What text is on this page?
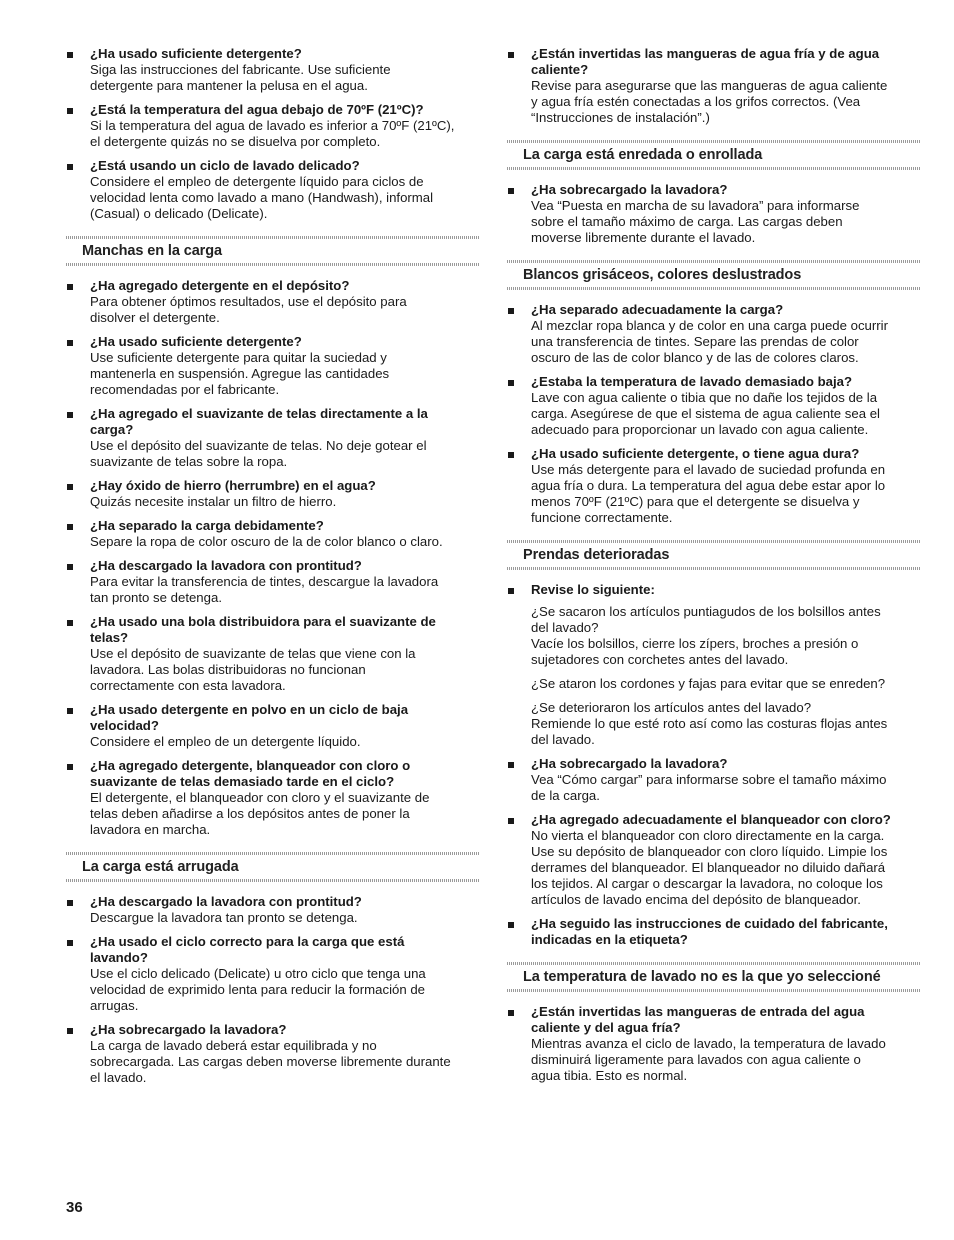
¿Ha usado suficiente detergente?
Siga las instrucciones del fabricante. Use suficiente
detergente para mantener la pelusa en el agua.
¿Está la temperatura del agua debajo de 70ºF (21ºC)?
Si la temperatura del agua de lavado es inferior a 70ºF (21ºC),
el detergente quizás no se disuelva por completo.
¿Está usando un ciclo de lavado delicado?
Considere el empleo de detergente líquido para ciclos de
velocidad lenta como lavado a mano (Handwash), informal
(Casual) o delicado (Delicate).
Manchas en la carga
¿Ha agregado detergente en el depósito?
Para obtener óptimos resultados, use el depósito para
disolver el detergente.
¿Ha usado suficiente detergente?
Use suficiente detergente para quitar la suciedad y
mantenerla en suspensión. Agregue las cantidades
recomendadas por el fabricante.
¿Ha agregado el suavizante de telas directamente a la
carga?
Use el depósito del suavizante de telas. No deje gotear el
suavizante de telas sobre la ropa.
¿Hay óxido de hierro (herrumbre) en el agua?
Quizás necesite instalar un filtro de hierro.
¿Ha separado la carga debidamente?
Separe la ropa de color oscuro de la de color blanco o claro.
¿Ha descargado la lavadora con prontitud?
Para evitar la transferencia de tintes, descargue la lavadora
tan pronto se detenga.
¿Ha usado una bola distribuidora para el suavizante de
telas?
Use el depósito de suavizante de telas que viene con la
lavadora. Las bolas distribuidoras no funcionan
correctamente con esta lavadora.
¿Ha usado detergente en polvo en un ciclo de baja
velocidad?
Considere el empleo de un detergente líquido.
¿Ha agregado detergente, blanqueador con cloro o
suavizante de telas demasiado tarde en el ciclo?
El detergente, el blanqueador con cloro y el suavizante de
telas deben añadirse a los depósitos antes de poner la
lavadora en marcha.
La carga está arrugada
¿Ha descargado la lavadora con prontitud?
Descargue la lavadora tan pronto se detenga.
¿Ha usado el ciclo correcto para la carga que está
lavando?
Use el ciclo delicado (Delicate) u otro ciclo que tenga una
velocidad de exprimido lenta para reducir la formación de
arrugas.
¿Ha sobrecargado la lavadora?
La carga de lavado deberá estar equilibrada y no
sobrecargada. Las cargas deben moverse libremente durante
el lavado.
¿Están invertidas las mangueras de agua fría y de agua
caliente?
Revise para asegurarse que las mangueras de agua caliente
y agua fría estén conectadas a los grifos correctos. (Vea
“Instrucciones de instalación”.)
La carga está enredada o enrollada
¿Ha sobrecargado la lavadora?
Vea “Puesta en marcha de su lavadora” para informarse
sobre el tamaño máximo de carga. Las cargas deben
moverse libremente durante el lavado.
Blancos grisáceos, colores deslustrados
¿Ha separado adecuadamente la carga?
Al mezclar ropa blanca y de color en una carga puede ocurrir
una transferencia de tintes. Separe las prendas de color
oscuro de las de color blanco y de las de colores claros.
¿Estaba la temperatura de lavado demasiado baja?
Lave con agua caliente o tibia que no dañe los tejidos de la
carga. Asegúrese de que el sistema de agua caliente sea el
adecuado para proporcionar un lavado con agua caliente.
¿Ha usado suficiente detergente, o tiene agua dura?
Use más detergente para el lavado de suciedad profunda en
agua fría o dura. La temperatura del agua debe estar apor lo
menos 70ºF (21ºC) para que el detergente se disuelva y
funcione correctamente.
Prendas deterioradas
Revise lo siguiente:
¿Se sacaron los artículos puntiagudos de los bolsillos antes
del lavado?
Vacíe los bolsillos, cierre los zípers, broches a presión o
sujetadores con corchetes antes del lavado.
¿Se ataron los cordones y fajas para evitar que se enreden?
¿Se deterioraron los artículos antes del lavado?
Remiende lo que esté roto así como las costuras flojas antes
del lavado.
¿Ha sobrecargado la lavadora?
Vea “Cómo cargar” para informarse sobre el tamaño máximo
de la carga.
¿Ha agregado adecuadamente el blanqueador con cloro?
No vierta el blanqueador con cloro directamente en la carga.
Use su depósito de blanqueador con cloro líquido. Limpie los
derrames del blanqueador. El blanqueador no diluido dañará
los tejidos. Al cargar o descargar la lavadora, no coloque los
artículos de lavado encima del depósito de blanqueador.
¿Ha seguido las instrucciones de cuidado del fabricante,
indicadas en la etiqueta?
La temperatura de lavado no es la que yo seleccioné
¿Están invertidas las mangueras de entrada del agua
caliente y del agua fría?
Mientras avanza el ciclo de lavado, la temperatura de lavado
disminuirá ligeramente para lavados con agua caliente o
agua tibia. Esto es normal.
36
